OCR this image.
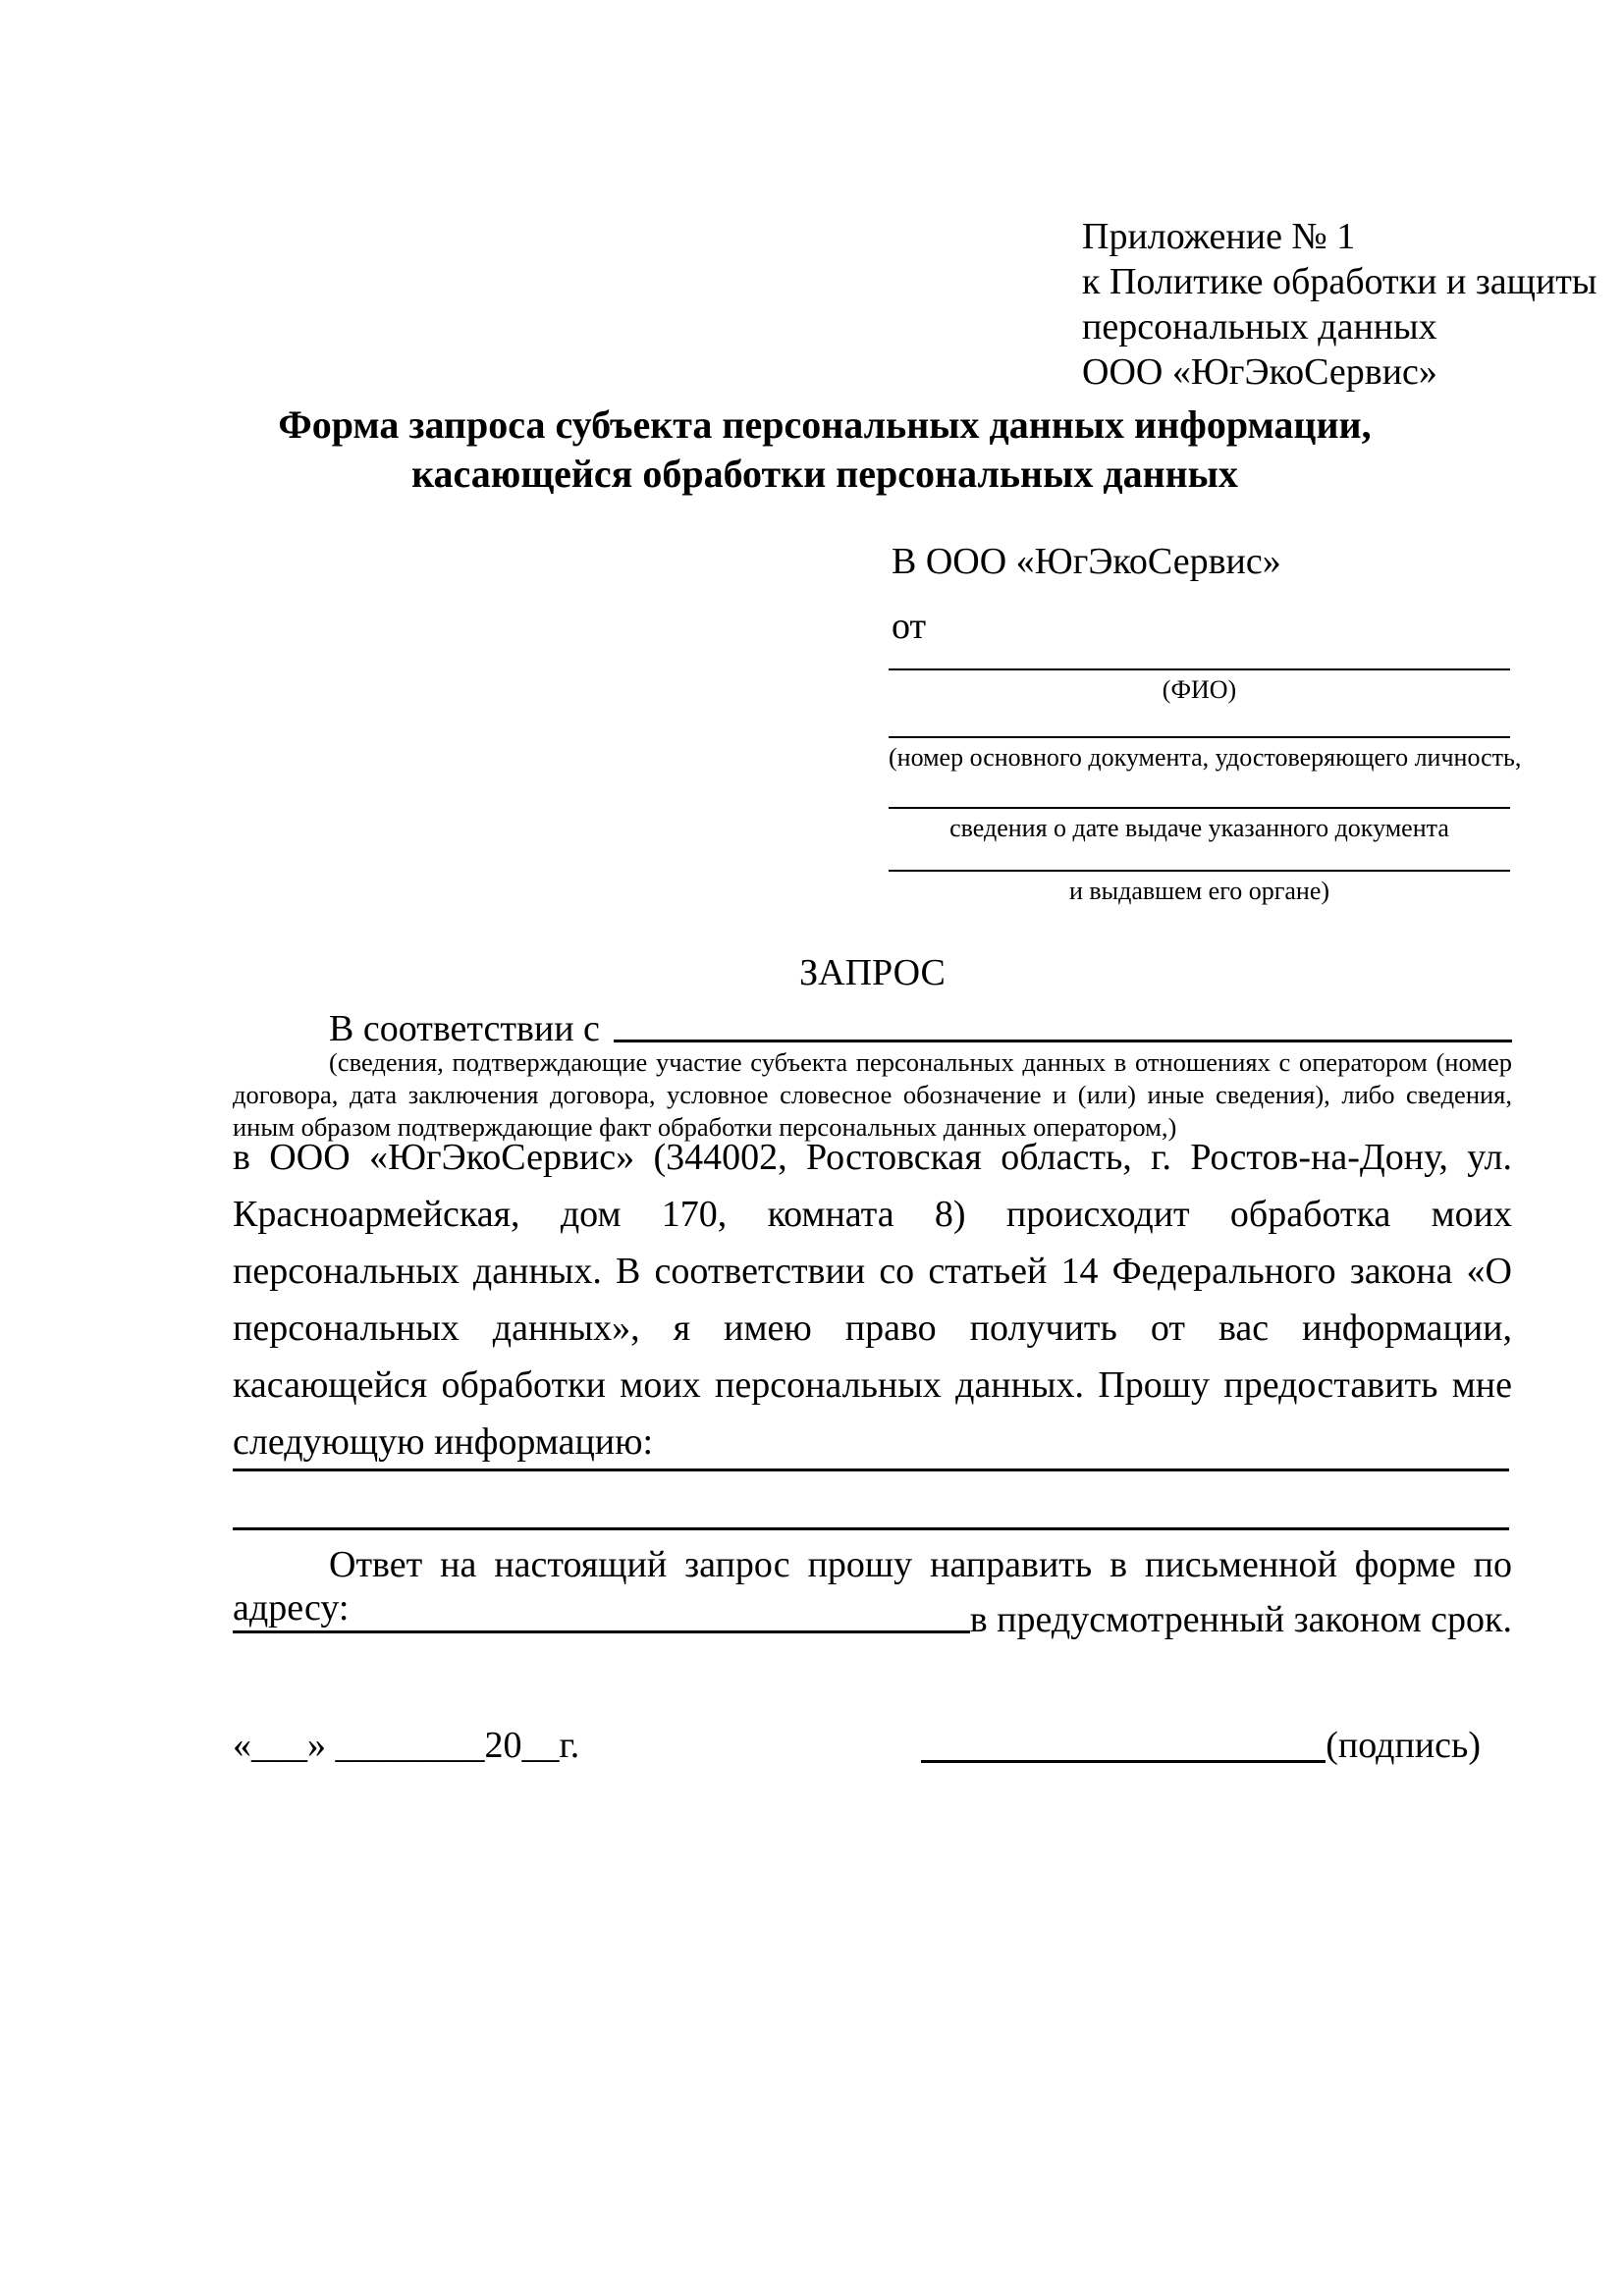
Приложение № 1
к Политике обработки и защиты
персональных данных
ООО «ЮгЭкоСервис»
Форма запроса субъекта персональных данных информации,
касающейся обработки персональных данных
В ООО «ЮгЭкоСервис»
от
(ФИО)
(номер основного документа, удостоверяющего личность,
сведения о дате выдаче указанного документа
и выдавшем его органе)
ЗАПРОС
В соответствии с
(сведения, подтверждающие участие субъекта персональных данных в отношениях с оператором (номер договора, дата заключения договора, условное словесное обозначение и (или) иные сведения), либо сведения, иным образом подтверждающие факт обработки персональных данных оператором,)
в ООО «ЮгЭкоСервис» (344002, Ростовская область, г. Ростов-на-Дону, ул. Красноармейская, дом 170, комната 8) происходит обработка моих персональных данных. В соответствии со статьей 14 Федерального закона «О персональных данных», я имею право получить от вас информации, касающейся обработки моих персональных данных. Прошу предоставить мне следующую информацию:
Ответ на настоящий запрос прошу направить в письменной форме по адресу:	в предусмотренный законом срок.
«___» ________20__г.	(подпись)
